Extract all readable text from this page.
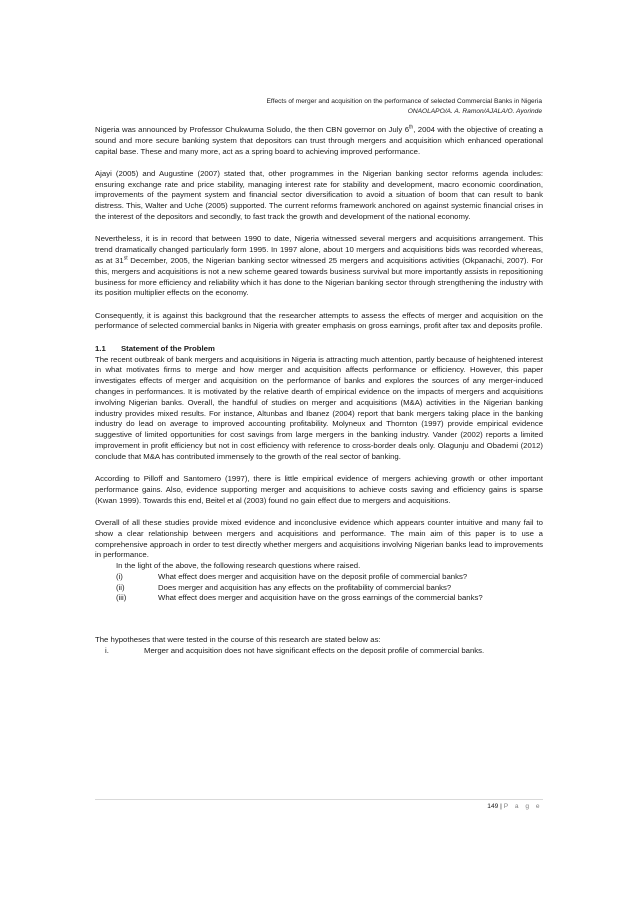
Effects of merger and acquisition on the performance of selected Commercial Banks in Nigeria
ONAOLAPO/A. A. Ramon/AJALA/O. Ayorinde

Nigeria was announced by Professor Chukwuma Soludo, the then CBN governor on July 6th, 2004 with the objective of creating a sound and more secure banking system that depositors can trust through mergers and acquisition which enhanced operational capital base. These and many more, act as a spring board to achieving improved performance.

Ajayi (2005) and Augustine (2007) stated that, other programmes in the Nigerian banking sector reforms agenda includes: ensuring exchange rate and price stability, managing interest rate for stability and development, macro economic coordination, improvements of the payment system and financial sector diversification to avoid a situation of boom that can result to bank distress. This, Walter and Uche (2005) supported. The current reforms framework anchored on against systemic financial crises in the interest of the depositors and secondly, to fast track the growth and development of the national economy.

Nevertheless, it is in record that between 1990 to date, Nigeria witnessed several mergers and acquisitions arrangement. This trend dramatically changed particularly form 1995. In 1997 alone, about 10 mergers and acquisitions bids was recorded whereas, as at 31st December, 2005, the Nigerian banking sector witnessed 25 mergers and acquisitions activities (Okpanachi, 2007). For this, mergers and acquisitions is not a new scheme geared towards business survival but more importantly assists in repositioning business for more efficiency and reliability which it has done to the Nigerian banking sector through strengthening the industry with its position multiplier effects on the economy.

Consequently, it is against this background that the researcher attempts to assess the effects of merger and acquisition on the performance of selected commercial banks in Nigeria with greater emphasis on gross earnings, profit after tax and deposits profile.

1.1	Statement of the Problem

The recent outbreak of bank mergers and acquisitions in Nigeria is attracting much attention, partly because of heightened interest in what motivates firms to merge and how merger and acquisition affects performance or efficiency. However, this paper investigates effects of merger and acquisition on the performance of banks and explores the sources of any merger-induced changes in performances. It is motivated by the relative dearth of empirical evidence on the impacts of mergers and acquisitions involving Nigerian banks. Overall, the handful of studies on merger and acquisitions (M&A) activities in the Nigerian banking industry provides mixed results. For instance, Altunbas and Ibanez (2004) report that bank mergers taking place in the banking industry do lead on average to improved accounting profitability. Molyneux and Thornton (1997) provide empirical evidence suggestive of limited opportunities for cost savings from large mergers in the banking industry. Vander (2002) reports a limited improvement in profit efficiency but not in cost efficiency with reference to cross-border deals only. Olagunju and Obademi (2012) conclude that M&A has contributed immensely to the growth of the real sector of banking.

According to Pilloff and Santomero (1997), there is little empirical evidence of mergers achieving growth or other important performance gains. Also, evidence supporting merger and acquisitions to achieve costs saving and efficiency gains is sparse (Kwan 1999). Towards this end, Beitel et al (2003) found no gain effect due to mergers and acquisitions.

Overall of all these studies provide mixed evidence and inconclusive evidence which appears counter intuitive and many fail to show a clear relationship between mergers and acquisitions and performance. The main aim of this paper is to use a comprehensive approach in order to test directly whether mergers and acquisitions involving Nigerian banks lead to improvements in performance.

In the light of the above, the following research questions where raised.

(i)	What effect does merger and acquisition have on the deposit profile of commercial banks?
(ii)	Does merger and acquisition has any effects on the profitability of commercial banks?
(iii)	What effect does merger and acquisition have on the gross earnings of the commercial banks?

The hypotheses that were tested in the course of this research are stated below as:

i.	Merger and acquisition does not have significant effects on the deposit profile of commercial banks.
149 | P a g e
